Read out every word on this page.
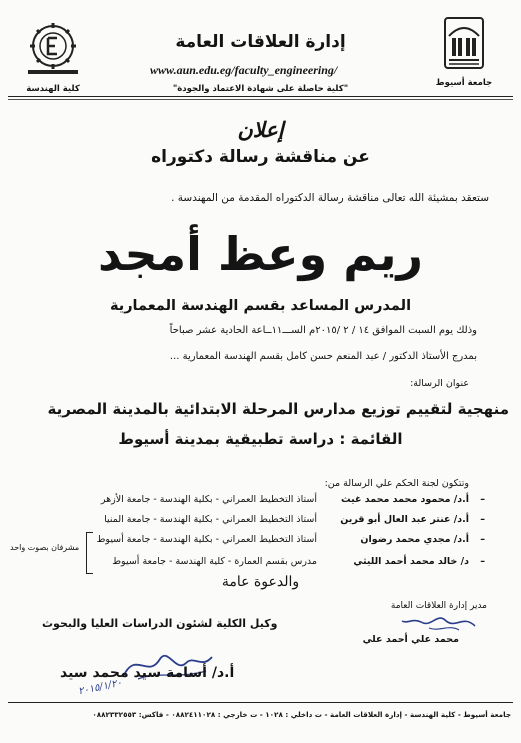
جامعة أسيوط
إدارة العلاقات العامة
www.aun.edu.eg/faculty_engineering/
"كلية حاصلة على شهادة الاعتماد والجودة"
كلية الهندسة
إعلان
عن مناقشة رسالة دكتوراه
ستعقد بمشيئة الله تعالى مناقشة رسالة الدكتوراه المقدمة من المهندسة .
ريم وعظ أمجد
المدرس المساعد بقسم الهندسة المعمارية
وذلك يوم السبت الموافق ١٤ / ٢ /٢٠١٥م الســـ١١ــاعة الحادية عشر صباحاً
بمدرج الأستاذ الدكتور / عبد المنعم حسن كامل بقسم الهندسة المعمارية ...
عنوان الرسالة:
منهجية لتقييم توزيع مدارس المرحلة الابتدائية بالمدينة المصرية
القائمة : دراسة تطبيقية بمدينة أسيوط
وتتكون لجنة الحكم علي الرسالة من:
–
أ.د/ محمود محمد محمد غيث
أستاذ التخطيط العمراني - بكلية الهندسة - جامعة الأزهر
–
أ.د/ عنتر عبد العال أبو قرين
أستاذ التخطيط العمراني - بكلية الهندسة - جامعة المنيا
–
أ.د/ مجدي محمد رضوان
أستاذ التخطيط العمراني - بكلية الهندسة - جامعة أسيوط
–
د/ خالد محمد أحمد الليثي
مدرس بقسم العمارة - كلية الهندسة - جامعة أسيوط
مشرفان بصوت واحد
والدعوة عامة
مدير إدارة العلاقات العامة
محمد علي أحمد علي
وكيل الكلية لشئون الدراسات العليا والبحوث
٢٠١٥/١/٢٠
أ.د/ أسامة سيد محمد سيد
جامعة أسيوط - كلية الهندسة - إدارة العلاقات العامة - ت داخلي : ١٠٢٨ - ت خارجي : ٠٨٨٢٤١١٠٢٨ - فاكس: ٠٨٨٢٣٣٢٥٥٣
